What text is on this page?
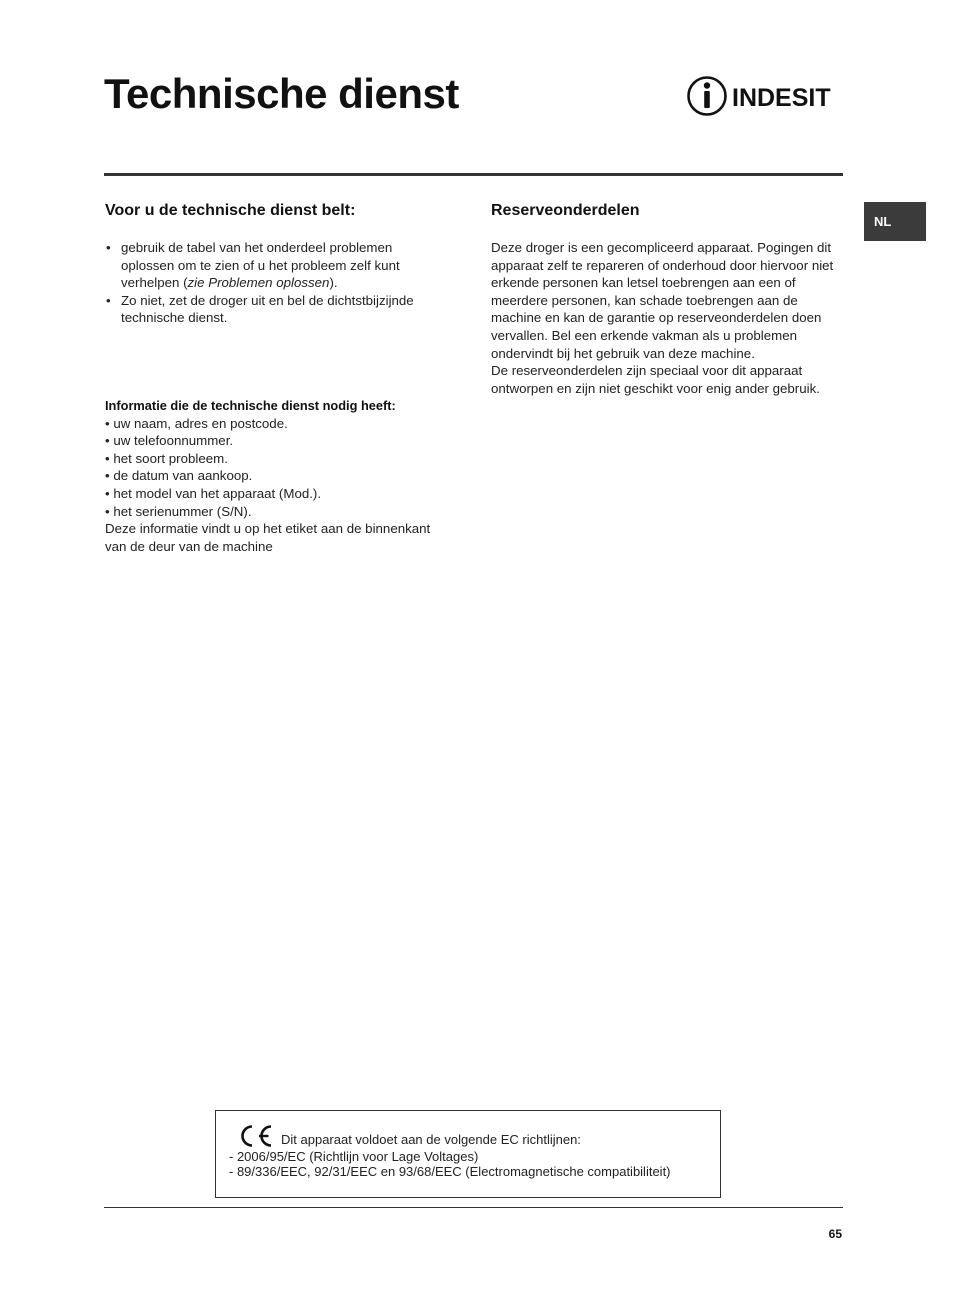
Technische dienst	INDESIT
NL
Voor u de technische dienst belt:
• gebruik de tabel van het onderdeel problemen oplossen om te zien of u het probleem zelf kunt verhelpen (zie Problemen oplossen).
• Zo niet, zet de droger uit en bel de dichtstbijzijnde technische dienst.
Informatie die de technische dienst nodig heeft:
• uw naam, adres en postcode.
• uw telefoonnummer.
• het soort probleem.
• de datum van aankoop.
• het model van het apparaat (Mod.).
• het serienummer (S/N).
Deze informatie vindt u op het etiket aan de binnenkant van de deur van de machine
Reserveonderdelen

Deze droger is een gecompliceerd apparaat. Pogingen dit apparaat zelf te repareren of onderhoud door hiervoor niet erkende personen kan letsel toebrengen aan een of meerdere personen, kan schade toebrengen aan de machine en kan de garantie op reserveonderdelen doen vervallen. Bel een erkende vakman als u problemen ondervindt bij het gebruik van deze machine.

De reserveonderdelen zijn speciaal voor dit apparaat ontworpen en zijn niet geschikt voor enig ander gebruik.

Dit apparaat voldoet aan de volgende EC richtlijnen:
- 2006/95/EC (Richtlijn voor Lage Voltages)
- 89/336/EEC, 92/31/EEC en 93/68/EEC (Electromagnetische compatibiliteit)
65
